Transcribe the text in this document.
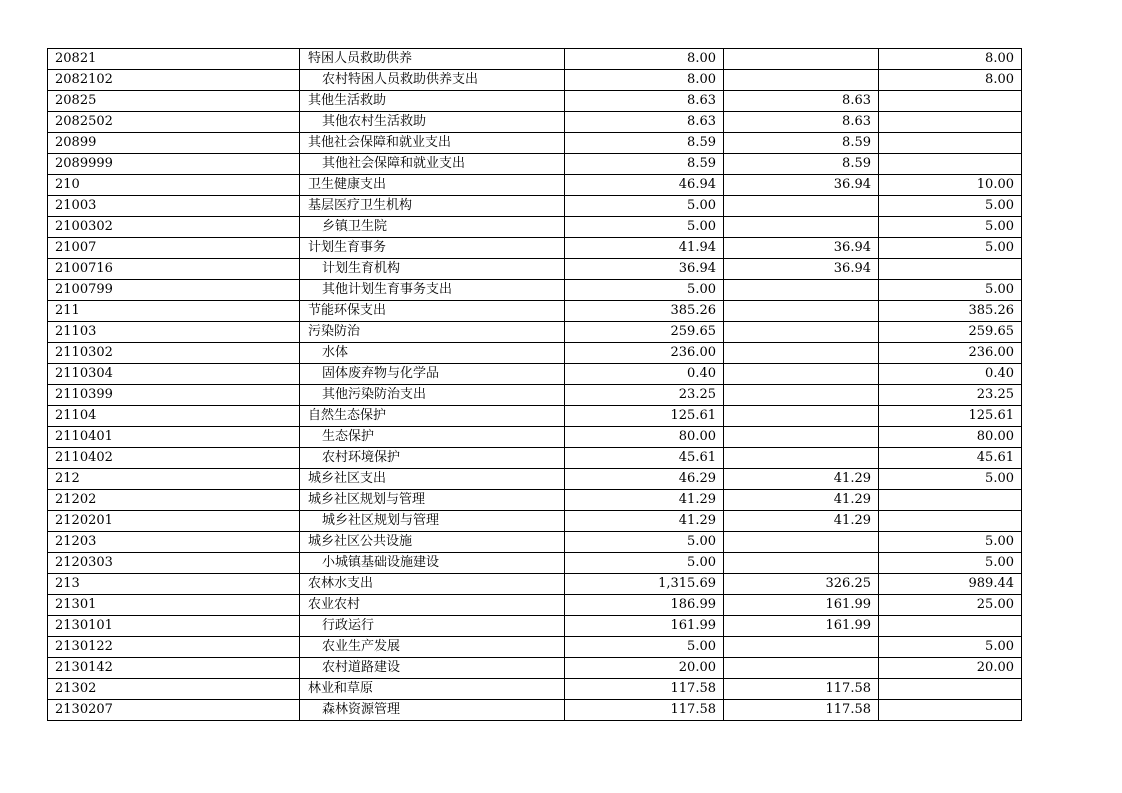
20821	特困人员救助供养	8.00		8.00
2082102	农村特困人员救助供养支出	8.00		8.00
20825	其他生活救助	8.63	8.63	
2082502	其他农村生活救助	8.63	8.63	
20899	其他社会保障和就业支出	8.59	8.59	
2089999	其他社会保障和就业支出	8.59	8.59	
210	卫生健康支出	46.94	36.94	10.00
21003	基层医疗卫生机构	5.00		5.00
2100302	乡镇卫生院	5.00		5.00
21007	计划生育事务	41.94	36.94	5.00
2100716	计划生育机构	36.94	36.94	
2100799	其他计划生育事务支出	5.00		5.00
211	节能环保支出	385.26		385.26
21103	污染防治	259.65		259.65
2110302	水体	236.00		236.00
2110304	固体废弃物与化学品	0.40		0.40
2110399	其他污染防治支出	23.25		23.25
21104	自然生态保护	125.61		125.61
2110401	生态保护	80.00		80.00
2110402	农村环境保护	45.61		45.61
212	城乡社区支出	46.29	41.29	5.00
21202	城乡社区规划与管理	41.29	41.29	
2120201	城乡社区规划与管理	41.29	41.29	
21203	城乡社区公共设施	5.00		5.00
2120303	小城镇基础设施建设	5.00		5.00
213	农林水支出	1,315.69	326.25	989.44
21301	农业农村	186.99	161.99	25.00
2130101	行政运行	161.99	161.99	
2130122	农业生产发展	5.00		5.00
2130142	农村道路建设	20.00		20.00
21302	林业和草原	117.58	117.58	
2130207	森林资源管理	117.58	117.58	
